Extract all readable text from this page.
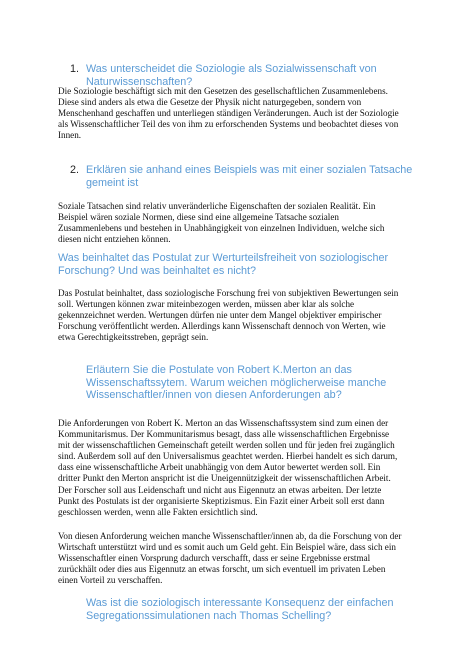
1. Was unterscheidet die Soziologie als Sozialwissenschaft von
Naturwissenschaften?
Die Soziologie beschäftigt sich mit den Gesetzen des gesellschaftlichen Zusammenlebens.
Diese sind anders als etwa die Gesetze der Physik nicht naturgegeben, sondern von
Menschenhand geschaffen und unterliegen ständigen Veränderungen. Auch ist der Soziologie
als Wissenschaftlicher Teil des von ihm zu erforschenden Systems und beobachtet dieses von
Innen.
2. Erklären sie anhand eines Beispiels was mit einer sozialen Tatsache
gemeint ist
Soziale Tatsachen sind relativ unveränderliche Eigenschaften der sozialen Realität. Ein
Beispiel wären soziale Normen, diese sind eine allgemeine Tatsache sozialen
Zusammenlebens und bestehen in Unabhängigkeit von einzelnen Individuen, welche sich
diesen nicht entziehen können.
Was beinhaltet das Postulat zur Werturteilsfreiheit von soziologischer
Forschung? Und was beinhaltet es nicht?
Das Postulat beinhaltet, dass soziologische Forschung frei von subjektiven Bewertungen sein
soll. Wertungen können zwar miteinbezogen werden, müssen aber klar als solche
gekennzeichnet werden. Wertungen dürfen nie unter dem Mangel objektiver empirischer
Forschung veröffentlicht werden. Allerdings kann Wissenschaft dennoch von Werten, wie
etwa Gerechtigkeitsstreben, geprägt sein.
Erläutern Sie die Postulate von Robert K.Merton an das
Wissenschaftssytem. Warum weichen möglicherweise manche
Wissenschaftler/innen von diesen Anforderungen ab?
Die Anforderungen von Robert K. Merton an das Wissenschaftssystem sind zum einen der
Kommunitarismus. Der Kommunitarismus besagt, dass alle wissenschaftlichen Ergebnisse
mit der wissenschaftlichen Gemeinschaft geteilt werden sollen und für jeden frei zugänglich
sind. Außerdem soll auf den Universalismus geachtet werden. Hierbei handelt es sich darum,
dass eine wissenschaftliche Arbeit unabhängig von dem Autor bewertet werden soll. Ein
dritter Punkt den Merton anspricht ist die Uneigennützigkeit der wissenschaftlichen Arbeit.
Der Forscher soll aus Leidenschaft und nicht aus Eigennutz an etwas arbeiten. Der letzte
Punkt des Postulats ist der organisierte Skeptizismus. Ein Fazit einer Arbeit soll erst dann
geschlossen werden, wenn alle Fakten ersichtlich sind.
Von diesen Anforderung weichen manche Wissenschaftler/innen ab, da die Forschung von der
Wirtschaft unterstützt wird und es somit auch um Geld geht. Ein Beispiel wäre, dass sich ein
Wissenschaftler einen Vorsprung dadurch verschafft, dass er seine Ergebnisse erstmal
zurückhält oder dies aus Eigennutz an etwas forscht, um sich eventuell im privaten Leben
einen Vorteil zu verschaffen.
Was ist die soziologisch interessante Konsequenz der einfachen
Segregationssimulationen nach Thomas Schelling?
